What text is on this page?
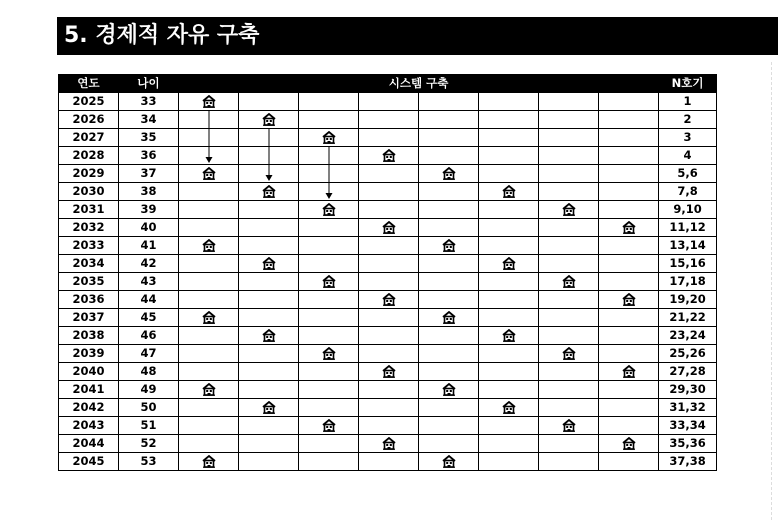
5. 경제적 자유 구축
연도	나이	시스템 구축								N호기
2025	33									1
2026	34									2
2027	35									3
2028	36									4
2029	37									5,6
2030	38									7,8
2031	39									9,10
2032	40									11,12
2033	41									13,14
2034	42									15,16
2035	43									17,18
2036	44									19,20
2037	45									21,22
2038	46									23,24
2039	47									25,26
2040	48									27,28
2041	49									29,30
2042	50									31,32
2043	51									33,34
2044	52									35,36
2045	53									37,38
